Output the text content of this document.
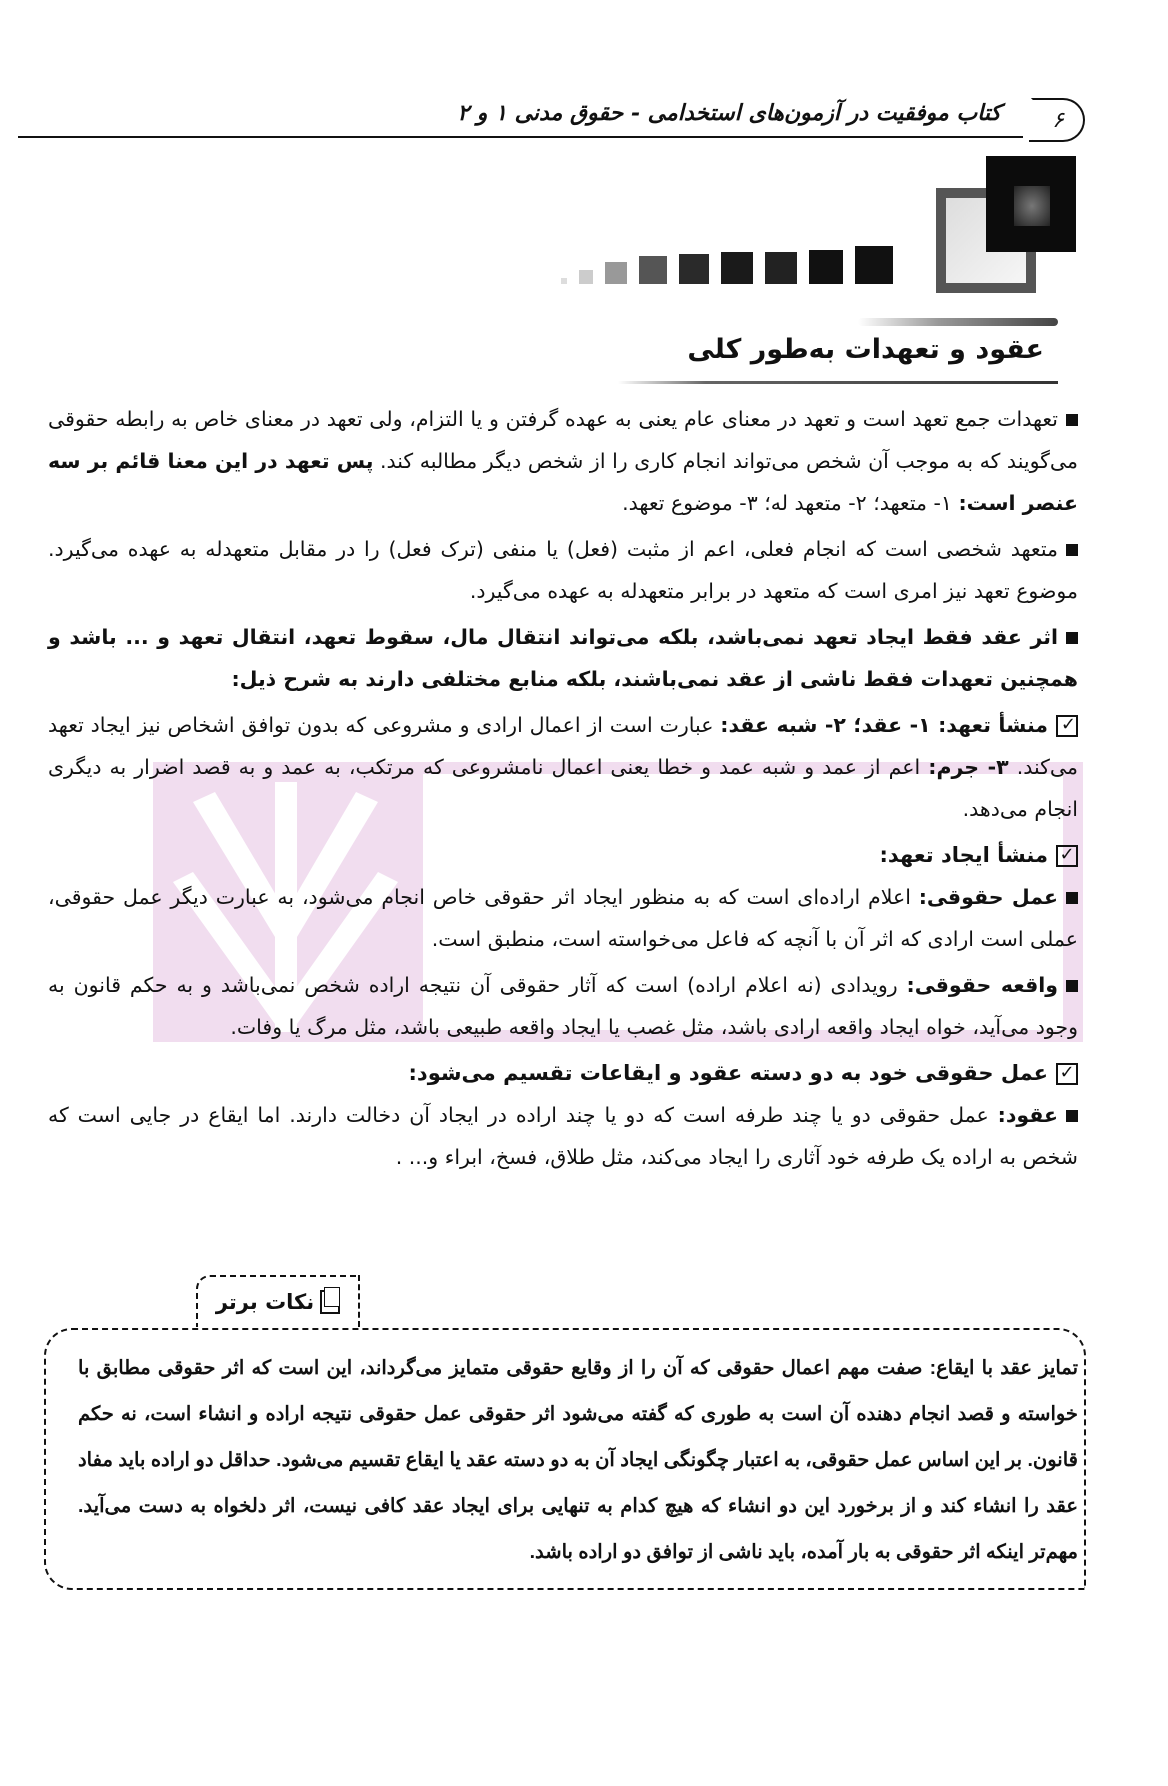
کتاب موفقیت در آزمون‌های استخدامی - حقوق مدنی ۱ و ۲	۶
عقود و تعهدات به‌طور کلی

تعهدات جمع تعهد است و تعهد در معنای عام یعنی به عهده گرفتن و یا التزام، ولی تعهد در معنای خاص به رابطه حقوقی می‌گویند که به موجب آن شخص می‌تواند انجام کاری را از شخص دیگر مطالبه کند. پس تعهد در این معنا قائم بر سه عنصر است: ۱- متعهد؛ ۲- متعهد له؛ ۳- موضوع تعهد.

متعهد شخصی است که انجام فعلی، اعم از مثبت (فعل) یا منفی (ترک فعل) را در مقابل متعهدله به عهده می‌گیرد. موضوع تعهد نیز امری است که متعهد در برابر متعهدله به عهده می‌گیرد.

اثر عقد فقط ایجاد تعهد نمی‌باشد، بلکه می‌تواند انتقال مال، سقوط تعهد، انتقال تعهد و ... باشد و همچنین تعهدات فقط ناشی از عقد نمی‌باشند، بلکه منابع مختلفی دارند به شرح ذیل:

✓منشأ تعهد: ۱- عقد؛ ۲- شبه عقد: عبارت است از اعمال ارادی و مشروعی که بدون توافق اشخاص نیز ایجاد تعهد می‌کند. ۳- جرم: اعم از عمد و شبه عمد و خطا یعنی اعمال نامشروعی که مرتکب، به عمد و به قصد اضرار به دیگری انجام می‌دهد.

✓منشأ ایجاد تعهد:

عمل حقوقی: اعلام اراده‌ای است که به منظور ایجاد اثر حقوقی خاص انجام می‌شود، به عبارت دیگر عمل حقوقی، عملی است ارادی که اثر آن با آنچه که فاعل می‌خواسته است، منطبق است.

واقعه حقوقی: رویدادی (نه اعلام اراده) است که آثار حقوقی آن نتیجه اراده شخص نمی‌باشد و به حکم قانون به وجود می‌آید، خواه ایجاد واقعه ارادی باشد، مثل غصب یا ایجاد واقعه طبیعی باشد، مثل مرگ یا وفات.

✓عمل حقوقی خود به دو دسته عقود و ایقاعات تقسیم می‌شود:

عقود: عمل حقوقی دو یا چند طرفه است که دو یا چند اراده در ایجاد آن دخالت دارند. اما ایقاع در جایی است که شخص به اراده یک طرفه خود آثاری را ایجاد می‌کند، مثل طلاق، فسخ، ابراء و... .

نکات برتر
تمایز عقد با ایقاع: صفت مهم اعمال حقوقی که آن را از وقایع حقوقی متمایز می‌گرداند، این است که اثر حقوقی مطابق با خواسته و قصد انجام دهنده آن است به طوری که گفته می‌شود اثر حقوقی عمل حقوقی نتیجه اراده و انشاء است، نه حکم قانون. بر این اساس عمل حقوقی، به اعتبار چگونگی ایجاد آن به دو دسته عقد یا ایقاع تقسیم می‌شود. حداقل دو اراده باید مفاد عقد را انشاء کند و از برخورد این دو انشاء که هیچ کدام به تنهایی برای ایجاد عقد کافی نیست، اثر دلخواه به دست می‌آید. مهم‌تر اینکه اثر حقوقی به بار آمده، باید ناشی از توافق دو اراده باشد.
